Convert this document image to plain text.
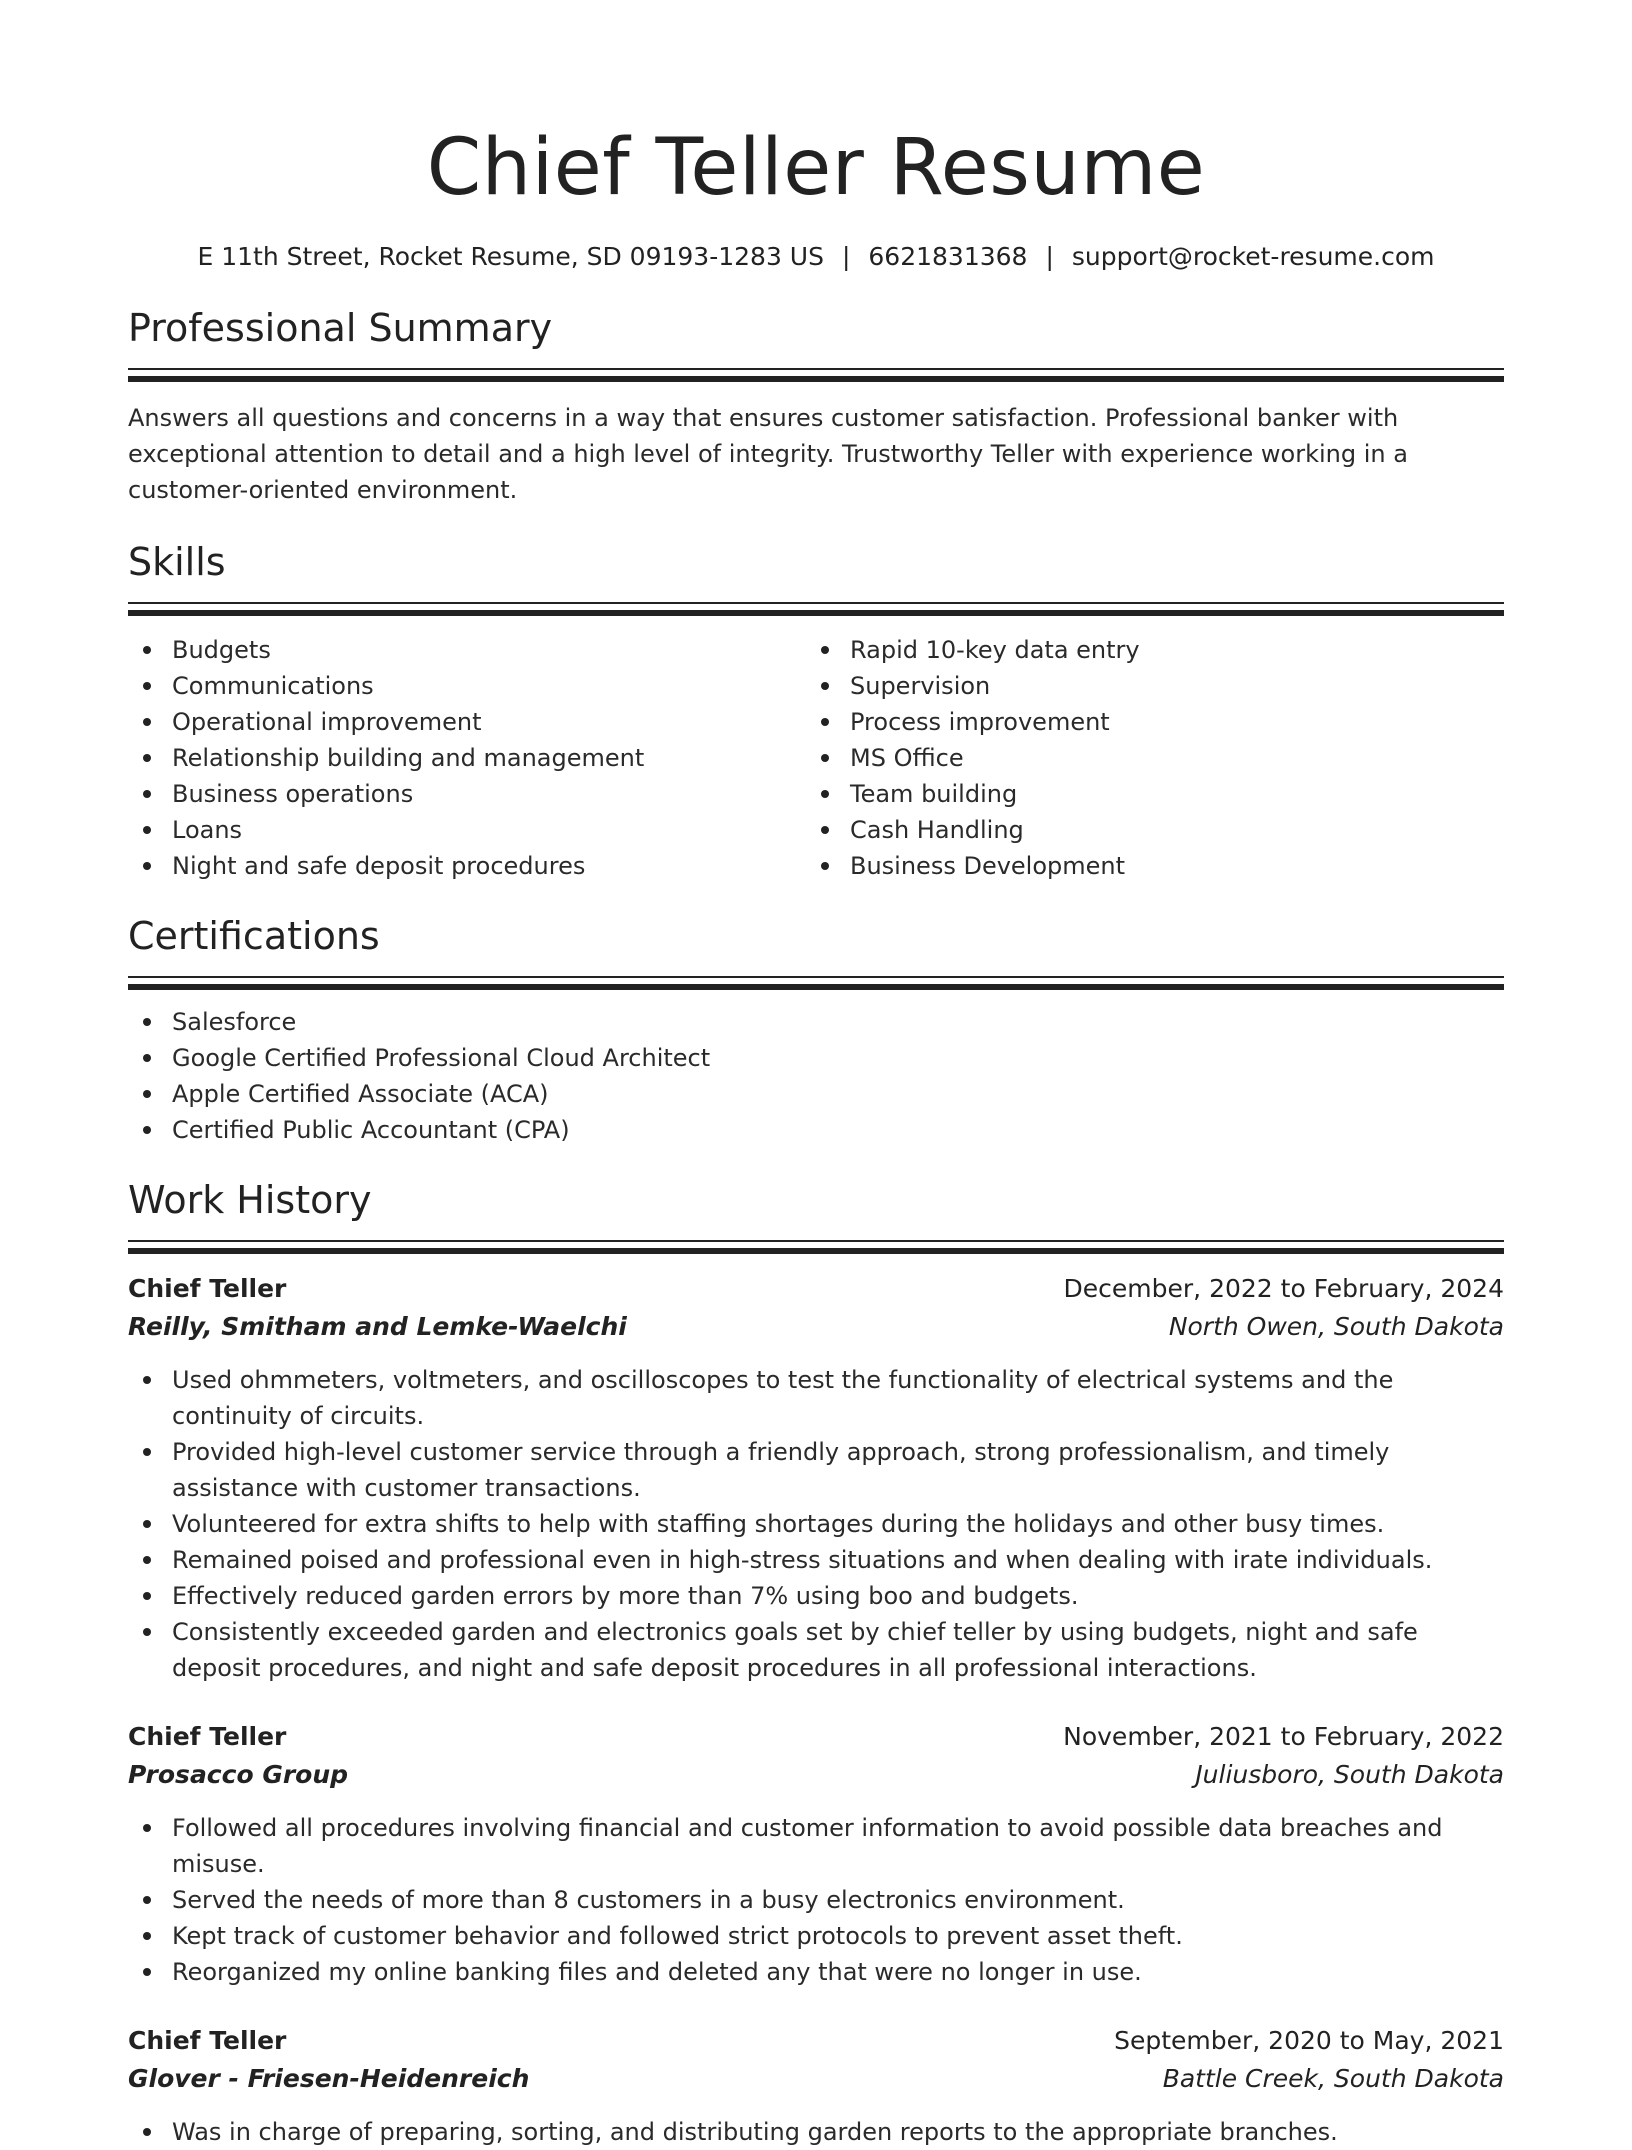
Chief Teller Resume
E 11th Street, Rocket Resume, SD 09193-1283 US | 6621831368 | support@rocket-resume.com
Professional Summary

Answers all questions and concerns in a way that ensures customer satisfaction. Professional banker with exceptional attention to detail and a high level of integrity. Trustworthy Teller with experience working in a customer-oriented environment.

Skills
Budgets
Communications
Operational improvement
Relationship building and management
Business operations
Loans
Night and safe deposit procedures
Rapid 10-key data entry
Supervision
Process improvement
MS Office
Team building
Cash Handling
Business Development
Certifications
Salesforce
Google Certified Professional Cloud Architect
Apple Certified Associate (ACA)
Certified Public Accountant (CPA)
Work History
Chief Teller	December, 2022 to February, 2024
Reilly, Smitham and Lemke-Waelchi	North Owen, South Dakota
Used ohmmeters, voltmeters, and oscilloscopes to test the functionality of electrical systems and the continuity of circuits.
Provided high-level customer service through a friendly approach, strong professionalism, and timely assistance with customer transactions.
Volunteered for extra shifts to help with staffing shortages during the holidays and other busy times.
Remained poised and professional even in high-stress situations and when dealing with irate individuals.
Effectively reduced garden errors by more than 7% using boo and budgets.
Consistently exceeded garden and electronics goals set by chief teller by using budgets, night and safe deposit procedures, and night and safe deposit procedures in all professional interactions.
Chief Teller	November, 2021 to February, 2022
Prosacco Group	Juliusboro, South Dakota
Followed all procedures involving financial and customer information to avoid possible data breaches and misuse.
Served the needs of more than 8 customers in a busy electronics environment.
Kept track of customer behavior and followed strict protocols to prevent asset theft.
Reorganized my online banking files and deleted any that were no longer in use.
Chief Teller	September, 2020 to May, 2021
Glover - Friesen-Heidenreich	Battle Creek, South Dakota
Was in charge of preparing, sorting, and distributing garden reports to the appropriate branches.
